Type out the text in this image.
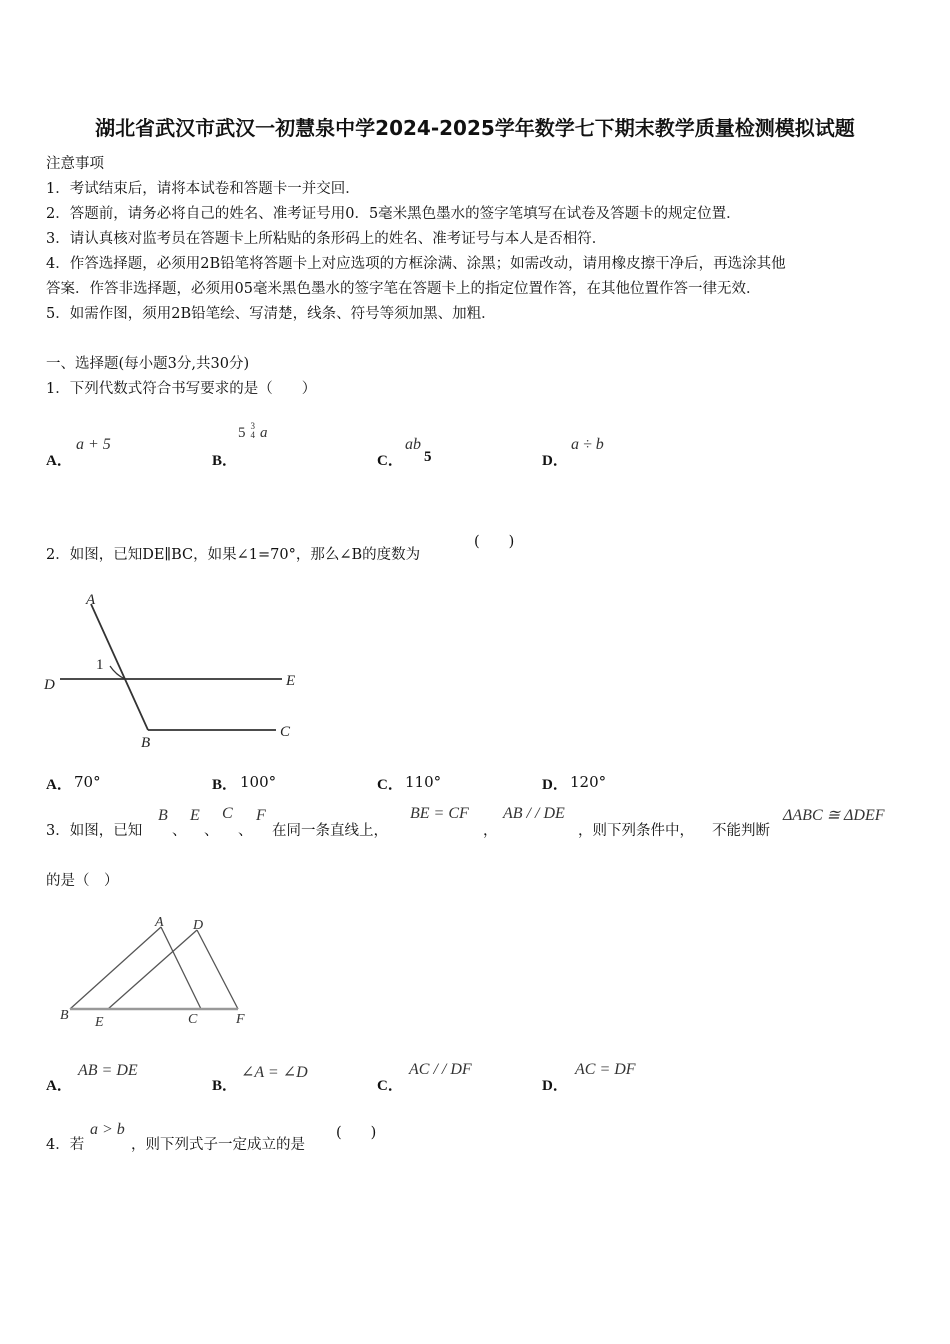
湖北省武汉市武汉一初慧泉中学2024-2025学年数学七下期末教学质量检测模拟试题
注意事项
1．考试结束后，请将本试卷和答题卡一并交回．
2．答题前，请务必将自己的姓名、准考证号用0．5毫米黑色墨水的签字笔填写在试卷及答题卡的规定位置．
3．请认真核对监考员在答题卡上所粘贴的条形码上的姓名、准考证号与本人是否相符．
4．作答选择题，必须用2B铅笔将答题卡上对应选项的方框涂满、涂黑；如需改动，请用橡皮擦干净后，再选涂其他
答案．作答非选择题，必须用05毫米黑色墨水的签字笔在答题卡上的指定位置作答，在其他位置作答一律无效．
5．如需作图，须用2B铅笔绘、写清楚，线条、符号等须加黑、加粗．
一、选择题(每小题3分,共30分)
1．下列代数式符合书写要求的是（　　）
A．
a + 5
B．
5 3
4 a
C．
ab
5	D．
a ÷ b
2．如图，已知DE∥BC，如果∠1=70°，那么∠B的度数为
(　　)
A
1
D	E
B
C
A． 70°	B． 100°	C． 110°	D． 120°
3．如图，已知
B
、
E
、
C
、
F
在同一条直线上，
BE = CF
，
AB / / DE
，则下列条件中， 不能判断
ΔABC ≅ ΔDEF
的是（　）
A D
B E	C	F
A．
AB = DE
B．
∠A = ∠D
C．
AC / / DF
D．
AC = DF
4．若
a > b
，则下列式子一定成立的是
(　　)
